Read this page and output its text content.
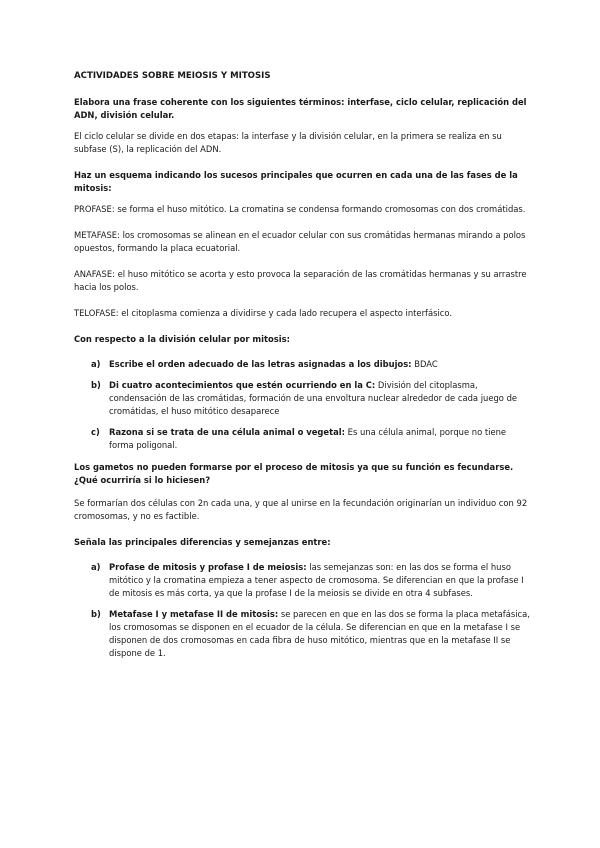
ACTIVIDADES SOBRE MEIOSIS Y MITOSIS
Elabora una frase coherente con los siguientes términos: interfase, ciclo celular, replicación del ADN, división celular.
El ciclo celular se divide en dos etapas: la interfase y la división celular, en la primera se realiza en su subfase (S), la replicación del ADN.
Haz un esquema indicando los sucesos principales que ocurren en cada una de las fases de la mitosis:
PROFASE: se forma el huso mitótico. La cromatina se condensa formando cromosomas con dos cromátidas.
METAFASE: los cromosomas se alinean en el ecuador celular con sus cromátidas hermanas mirando a polos opuestos, formando la placa ecuatorial.
ANAFASE: el huso mitótico se acorta y esto provoca la separación de las cromátidas hermanas y su arrastre hacia los polos.
TELOFASE: el citoplasma comienza a dividirse y cada lado recupera el aspecto interfásico.
Con respecto a la división celular por mitosis:
a) Escribe el orden adecuado de las letras asignadas a los dibujos: BDAC
b) Di cuatro acontecimientos que estén ocurriendo en la C: División del citoplasma, condensación de las cromátidas, formación de una envoltura nuclear alrededor de cada juego de cromátidas, el huso mitótico desaparece
c) Razona si se trata de una célula animal o vegetal: Es una célula animal, porque no tiene forma poligonal.
Los gametos no pueden formarse por el proceso de mitosis ya que su función es fecundarse. ¿Qué ocurriría si lo hiciesen?
Se formarían dos células con 2n cada una, y que al unirse en la fecundación originarían un individuo con 92 cromosomas, y no es factible.
Señala las principales diferencias y semejanzas entre:
a) Profase de mitosis y profase I de meiosis: las semejanzas son: en las dos se forma el huso mitótico y la cromatina empieza a tener aspecto de cromosoma. Se diferencian en que la profase I de mitosis es más corta, ya que la profase I de la meiosis se divide en otra 4 subfases.
b) Metafase I y metafase II de mitosis: se parecen en que en las dos se forma la placa metafásica, los cromosomas se disponen en el ecuador de la célula. Se diferencian en que en la metafase I se disponen de dos cromosomas en cada fibra de huso mitótico, mientras que en la metafase II se dispone de 1.
